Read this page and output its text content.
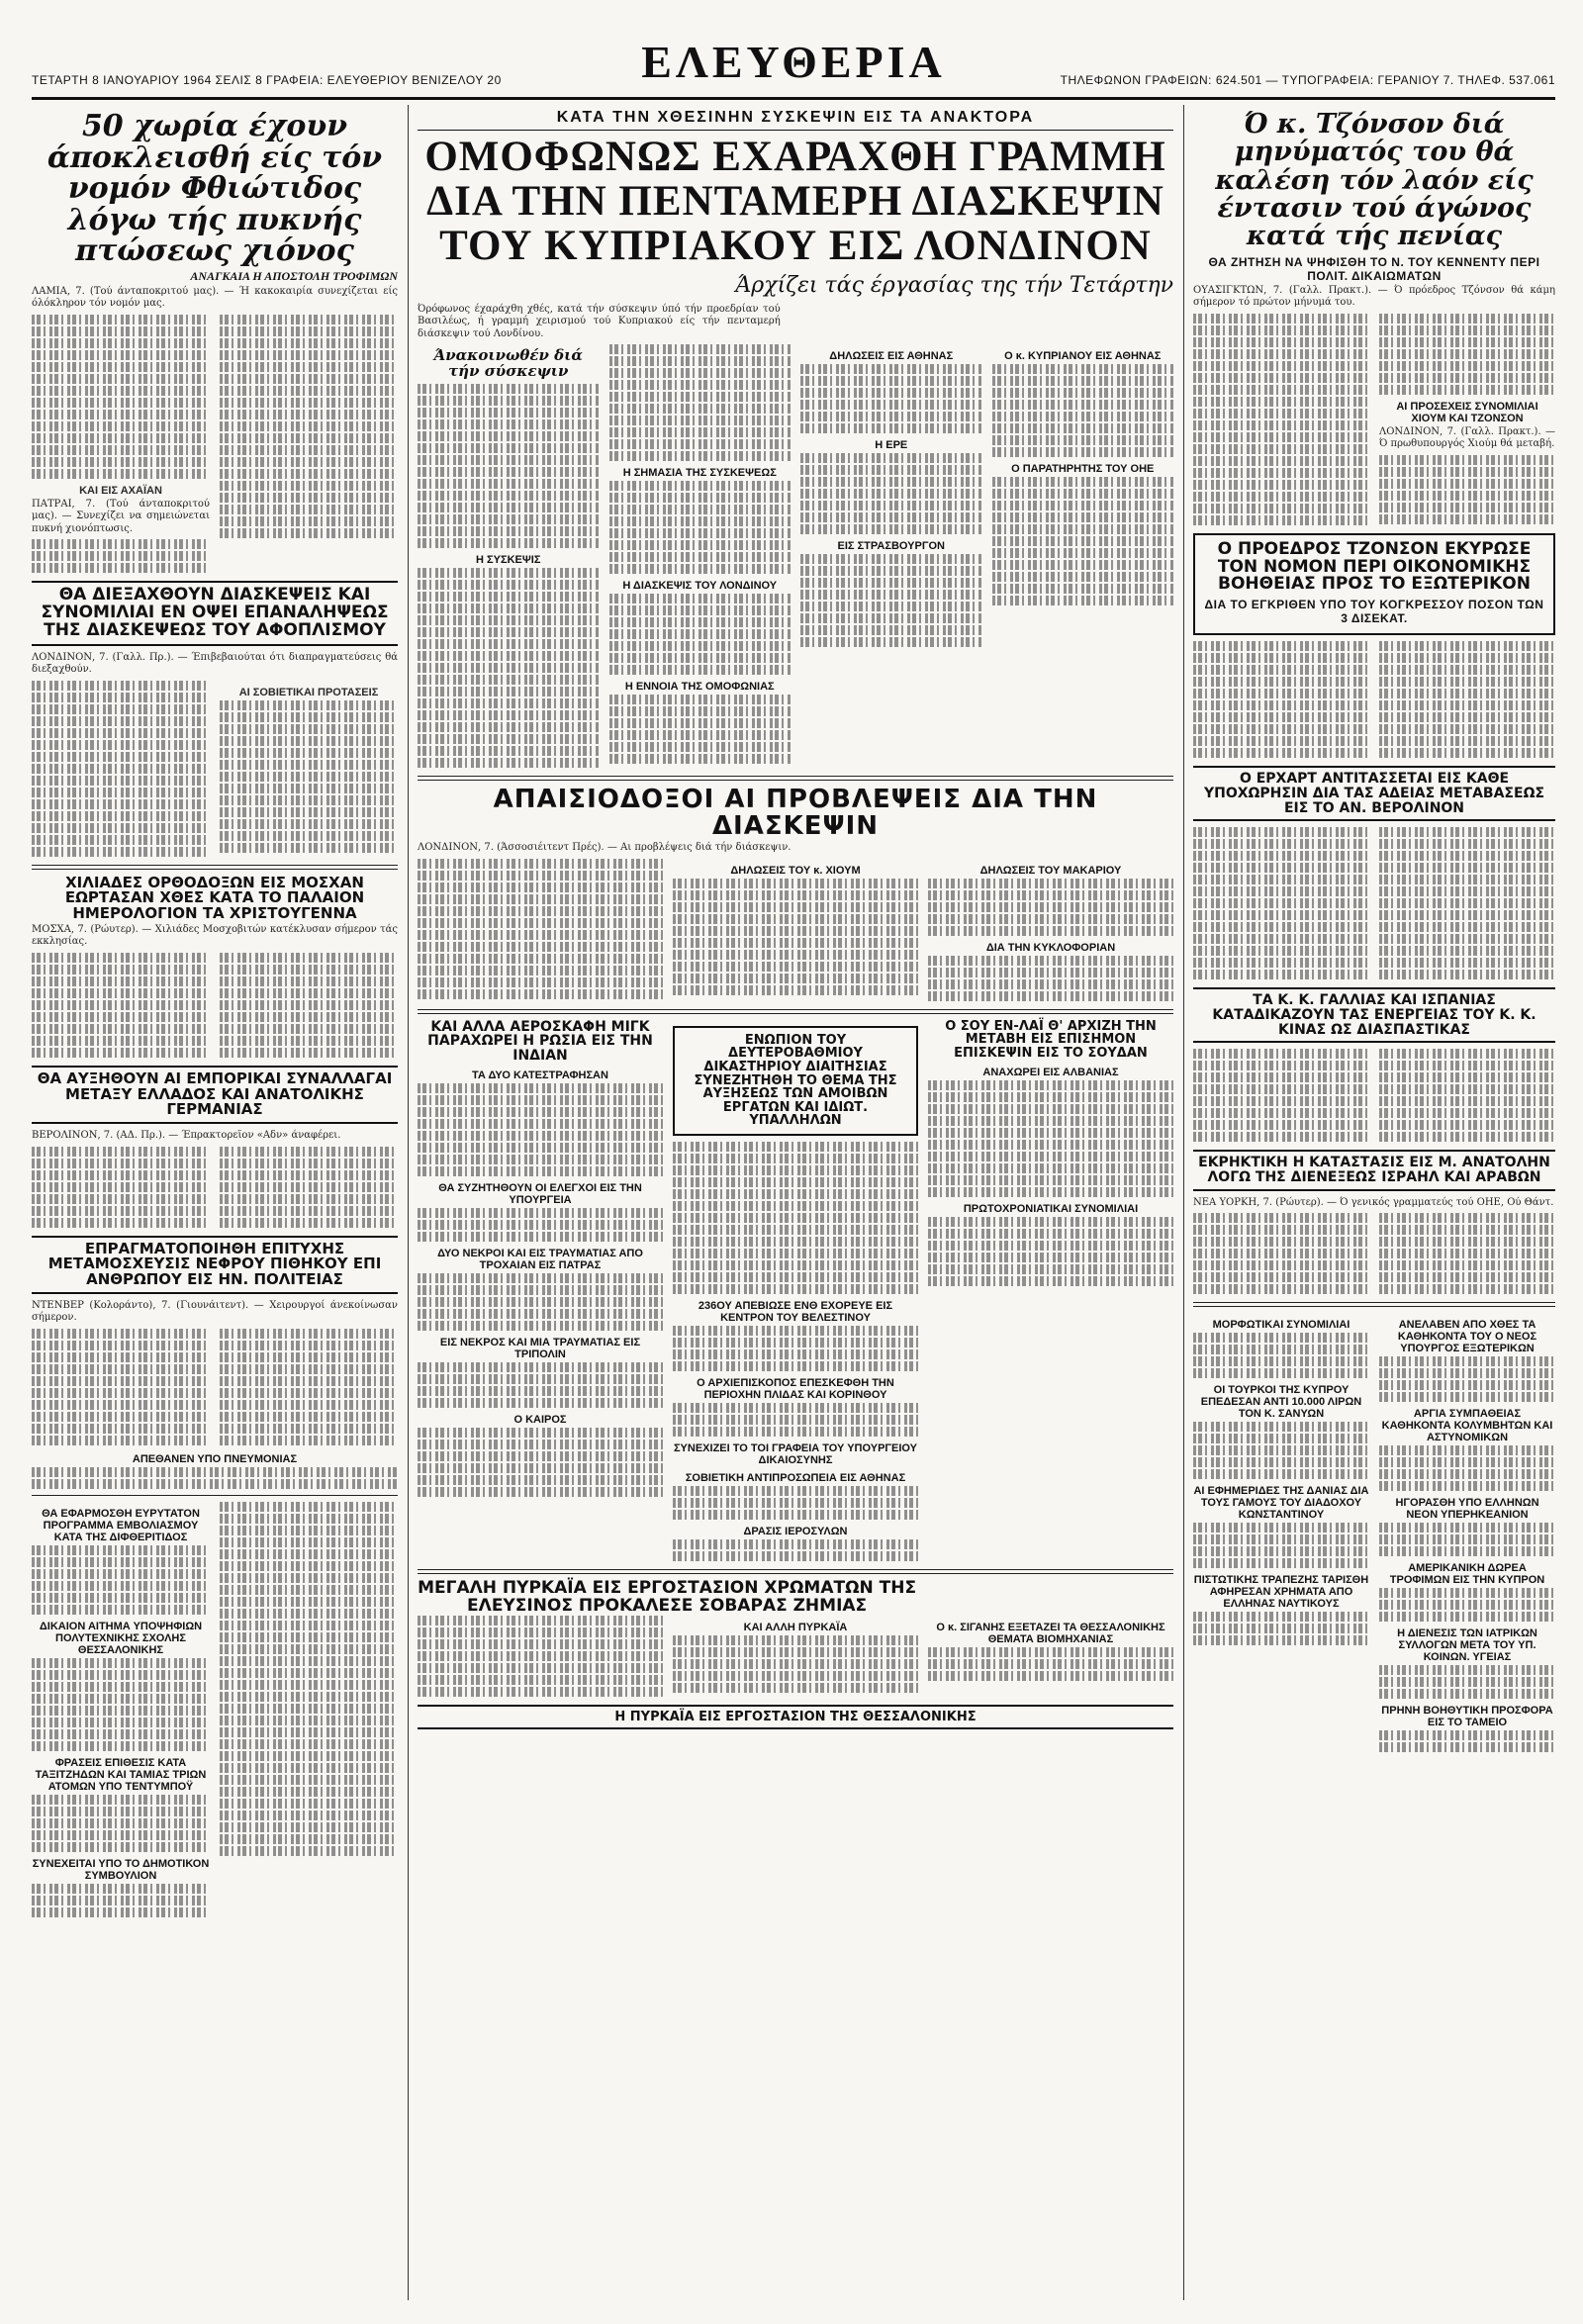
ΤΕΤΑΡΤΗ 8 ΙΑΝΟΥΑΡΙΟΥ 1964 ΣΕΛΙΣ 8 ΓΡΑΦΕΙΑ: ΕΛΕΥΘΕΡΙΟΥ ΒΕΝΙΖΕΛΟΥ 20	ΕΛΕΥΘΕΡΙΑ	ΤΗΛΕΦΩΝΟΝ ΓΡΑΦΕΙΩΝ: 624.501 — ΤΥΠΟΓΡΑΦΕΙΑ: ΓΕΡΑΝΙΟΥ 7. ΤΗΛΕΦ. 537.061
50 χωρία έχουν άποκλεισθή είς τόν νομόν Φθιώτιδος λόγω τής πυκνής πτώσεως χιόνος
ΑΝΑΓΚΑΙΑ Η ΑΠΟΣΤΟΛΗ ΤΡΟΦΙΜΩΝ
ΛΑΜΙΑ, 7. (Τού άνταποκριτού μας). — Ή κακοκαιρία συνεχίζεται είς όλόκληρον τόν νομόν μας.
ΚΑΙ ΕΙΣ ΑΧΑΪΑΝ
ΠΑΤΡΑΙ, 7. (Τού άνταποκριτού μας). — Συνεχίζει να σημειώνεται πυκνή χιονόπτωσις.
ΘΑ ΔΙΕΞΑΧΘΟΥΝ ΔΙΑΣΚΕΨΕΙΣ ΚΑΙ ΣΥΝΟΜΙΛΙΑΙ ΕΝ ΟΨΕΙ ΕΠΑΝΑΛΗΨΕΩΣ ΤΗΣ ΔΙΑΣΚΕΨΕΩΣ ΤΟΥ ΑΦΟΠΛΙΣΜΟΥ
ΛΟΝΔΙΝΟΝ, 7. (Γαλλ. Πρ.). — Έπιβεβαιούται ότι διαπραγματεύσεις θά διεξαχθούν.
ΑΙ ΣΟΒΙΕΤΙΚΑΙ ΠΡΟΤΑΣΕΙΣ
ΧΙΛΙΑΔΕΣ ΟΡΘΟΔΟΞΩΝ ΕΙΣ ΜΟΣΧΑΝ ΕΩΡΤΑΣΑΝ ΧΘΕΣ ΚΑΤΑ ΤΟ ΠΑΛΑΙΟΝ ΗΜΕΡΟΛΟΓΙΟΝ ΤΑ ΧΡΙΣΤΟΥΓΕΝΝΑ
ΜΟΣΧΑ, 7. (Ρώυτερ). — Χιλιάδες Μοσχοβιτών κατέκλυσαν σήμερον τάς εκκλησίας.
ΘΑ ΑΥΞΗΘΟΥΝ ΑΙ ΕΜΠΟΡΙΚΑΙ ΣΥΝΑΛΛΑΓΑΙ ΜΕΤΑΞΥ ΕΛΛΑΔΟΣ ΚΑΙ ΑΝΑΤΟΛΙΚΗΣ ΓΕΡΜΑΝΙΑΣ
ΒΕΡΟΛΙΝΟΝ, 7. (ΑΔ. Πρ.). — Έπρακτορεϊον «Αδν» άναφέρει.
ΕΠΡΑΓΜΑΤΟΠΟΙΗΘΗ ΕΠΙΤΥΧΗΣ ΜΕΤΑΜΟΣΧΕΥΣΙΣ ΝΕΦΡΟΥ ΠΙΘΗΚΟΥ ΕΠΙ ΑΝΘΡΩΠΟΥ ΕΙΣ ΗΝ. ΠΟΛΙΤΕΙΑΣ
ΝΤΕΝΒΕΡ (Κολοράντο), 7. (Γιουνάιτεντ). — Χειρουργοί άνεκοίνωσαν σήμερον.
ΑΠΕΘΑΝΕΝ ΥΠΟ ΠΝΕΥΜΟΝΙΑΣ
ΘΑ ΕΦΑΡΜΟΣΘΗ ΕΥΡΥΤΑΤΟΝ ΠΡΟΓΡΑΜΜΑ ΕΜΒΟΛΙΑΣΜΟΥ ΚΑΤΑ ΤΗΣ ΔΙΦΘΕΡΙΤΙΔΟΣ
ΔΙΚΑΙΟΝ ΑΙΤΗΜΑ ΥΠΟΨΗΦΙΩΝ ΠΟΛΥΤΕΧΝΙΚΗΣ ΣΧΟΛΗΣ ΘΕΣΣΑΛΟΝΙΚΗΣ
ΦΡΑΣΕΙΣ ΕΠΙΘΕΣΙΣ ΚΑΤΑ ΤΑΞΙΤΖΗΔΩΝ ΚΑΙ ΤΑΜΙΑΣ ΤΡΙΩΝ ΑΤΟΜΩΝ ΥΠΟ ΤΕΝΤΥΜΠΟΫ
ΣΥΝΕΧΕΙΤΑΙ ΥΠΟ ΤΟ ΔΗΜΟΤΙΚΟΝ ΣΥΜΒΟΥΛΙΟΝ
ΚΑΤΑ ΤΗΝ ΧΘΕΣΙΝΗΝ ΣΥΣΚΕΨΙΝ ΕΙΣ ΤΑ ΑΝΑΚΤΟΡΑ
ΟΜΟΦΩΝΩΣ ΕΧΑΡΑΧΘΗ ΓΡΑΜΜΗ
ΔΙΑ ΤΗΝ ΠΕΝΤΑΜΕΡΗ ΔΙΑΣΚΕΨΙΝ
ΤΟΥ ΚΥΠΡΙΑΚΟΥ ΕΙΣ ΛΟΝΔΙΝΟΝ
Άρχίζει τάς έργασίας της τήν Τετάρτην
Όρόφωνος έχαράχθη χθές, κατά τήν σύσκεψιν ύπό τήν προεδρίαν τού Βασιλέως, ή γραμμή χειρισμού τού Κυπριακού είς τήν πενταμερή διάσκεψιν τού Λονδίνου.
Άνακοινωθέν διά τήν σύσκεψιν
Η ΣΥΣΚΕΨΙΣ
Η ΣΗΜΑΣΙΑ ΤΗΣ ΣΥΣΚΕΨΕΩΣ
Η ΔΙΑΣΚΕΨΙΣ ΤΟΥ ΛΟΝΔΙΝΟΥ
Η ΕΝΝΟΙΑ ΤΗΣ ΟΜΟΦΩΝΙΑΣ
ΔΗΛΩΣΕΙΣ ΕΙΣ ΑΘΗΝΑΣ
Η ΕΡΕ
ΕΙΣ ΣΤΡΑΣΒΟΥΡΓΟΝ
Ο κ. ΚΥΠΡΙΑΝΟΥ ΕΙΣ ΑΘΗΝΑΣ
Ο ΠΑΡΑΤΗΡΗΤΗΣ ΤΟΥ ΟΗΕ
ΑΠΑΙΣΙΟΔΟΞΟΙ ΑΙ ΠΡΟΒΛΕΨΕΙΣ ΔΙΑ ΤΗΝ ΔΙΑΣΚΕΨΙΝ
ΛΟΝΔΙΝΟΝ, 7. (Άσσοσιέιτεντ Πρές). — Αι προβλέψεις διά τήν διάσκεψιν.
ΔΗΛΩΣΕΙΣ ΤΟΥ κ. ΧΙΟΥΜ	ΔΗΛΩΣΕΙΣ ΤΟΥ ΜΑΚΑΡΙΟΥ
ΔΙΑ ΤΗΝ ΚΥΚΛΟΦΟΡΙΑΝ
ΚΑΙ ΑΛΛΑ ΑΕΡΟΣΚΑΦΗ ΜΙΓΚ ΠΑΡΑΧΩΡΕΙ Η ΡΩΣΙΑ ΕΙΣ ΤΗΝ ΙΝΔΙΑΝ
ΤΑ ΔΥΟ ΚΑΤΕΣΤΡΑΦΗΣΑΝ
ΘΑ ΣΥΖΗΤΗΘΟΥΝ ΟΙ ΕΛΕΓΧΟΙ ΕΙΣ ΤΗΝ ΥΠΟΥΡΓΕΙΑ
ΔΥΟ ΝΕΚΡΟΙ ΚΑΙ ΕΙΣ ΤΡΑΥΜΑΤΙΑΣ ΑΠΟ ΤΡΟΧΑΙΑΝ ΕΙΣ ΠΑΤΡΑΣ
ΕΙΣ ΝΕΚΡΟΣ ΚΑΙ ΜΙΑ ΤΡΑΥΜΑΤΙΑΣ ΕΙΣ ΤΡΙΠΟΛΙΝ
Ο ΚΑΙΡΟΣ
ΕΝΩΠΙΟΝ ΤΟΥ ΔΕΥΤΕΡΟΒΑΘΜΙΟΥ ΔΙΚΑΣΤΗΡΙΟΥ ΔΙΑΙΤΗΣΙΑΣ ΣΥΝΕΖΗΤΗΘΗ ΤΟ ΘΕΜΑ ΤΗΣ ΑΥΞΗΣΕΩΣ ΤΩΝ ΑΜΟΙΒΩΝ ΕΡΓΑΤΩΝ ΚΑΙ ΙΔΙΩΤ. ΥΠΑΛΛΗΛΩΝ
236ΟΥ ΑΠΕΒΙΩΣΕ ΕΝΘ ΕΧΟΡΕΥΕ ΕΙΣ ΚΕΝΤΡΟΝ ΤΟΥ ΒΕΛΕΣΤΙΝΟΥ
Ο ΑΡΧΙΕΠΙΣΚΟΠΟΣ ΕΠΕΣΚΕΦΘΗ ΤΗΝ ΠΕΡΙΟΧΗΝ ΠΛΙΔΑΣ ΚΑΙ ΚΟΡΙΝΘΟΥ
ΣΥΝΕΧΙΖΕΙ ΤΟ ΤΟΙ ΓΡΑΦΕΙΑ ΤΟΥ ΥΠΟΥΡΓΕΙΟΥ ΔΙΚΑΙΟΣΥΝΗΣ
ΣΟΒΙΕΤΙΚΗ ΑΝΤΙΠΡΟΣΩΠΕΙΑ ΕΙΣ ΑΘΗΝΑΣ
ΔΡΑΣΙΣ ΙΕΡΟΣΥΛΩΝ
Ο ΣΟΥ ΕΝ-ΛΑΪ Θ' ΑΡΧΙΖΗ ΤΗΝ ΜΕΤΑΒΗ ΕΙΣ ΕΠΙΣΗΜΟΝ ΕΠΙΣΚΕΨΙΝ ΕΙΣ ΤΟ ΣΟΥΔΑΝ
ΑΝΑΧΩΡΕΙ ΕΙΣ ΑΛΒΑΝΙΑΣ
ΠΡΩΤΟΧΡΟΝΙΑΤΙΚΑΙ ΣΥΝΟΜΙΛΙΑΙ
ΜΕΓΑΛΗ ΠΥΡΚΑΪΑ ΕΙΣ ΕΡΓΟΣΤΑΣΙΟΝ ΧΡΩΜΑΤΩΝ ΤΗΣ ΕΛΕΥΣΙΝΟΣ ΠΡΟΚΑΛΕΣΕ ΣΟΒΑΡΑΣ ΖΗΜΙΑΣ
ΚΑΙ ΑΛΛΗ ΠΥΡΚΑΪΑ	Ο κ. ΣΙΓΑΝΗΣ ΕΞΕΤΑΖΕΙ ΤΑ ΘΕΣΣΑΛΟΝΙΚΗΣ ΘΕΜΑΤΑ ΒΙΟΜΗΧΑΝΙΑΣ
Η ΠΥΡΚΑΪΑ ΕΙΣ ΕΡΓΟΣΤΑΣΙΟΝ ΤΗΣ ΘΕΣΣΑΛΟΝΙΚΗΣ
Ό κ. Τζόνσον διά μηνύματός του θά καλέση τόν λαόν είς έντασιν τού άγώνος κατά τής πενίας
ΘΑ ΖΗΤΗΣΗ ΝΑ ΨΗΦΙΣΘΗ ΤΟ Ν. ΤΟΥ ΚΕΝΝΕΝΤΥ ΠΕΡΙ ΠΟΛΙΤ. ΔΙΚΑΙΩΜΑΤΩΝ
ΟΥΑΣΙΓΚΤΩΝ, 7. (Γαλλ. Πρακτ.). — Ό πρόεδρος Τζόνσον θά κάμη σήμερον τό πρώτον μήνυμά του.
ΑΙ ΠΡΟΣΕΧΕΙΣ ΣΥΝΟΜΙΛΙΑΙ ΧΙΟΥΜ ΚΑΙ ΤΖΟΝΣΟΝ
ΛΟΝΔΙΝΟΝ, 7. (Γαλλ. Πρακτ.). — Ό πρωθυπουργός Χιούμ θά μεταβή.
Ο ΠΡΟΕΔΡΟΣ ΤΖΟΝΣΟΝ ΕΚΥΡΩΣΕ ΤΟΝ ΝΟΜΟΝ ΠΕΡΙ ΟΙΚΟΝΟΜΙΚΗΣ ΒΟΗΘΕΙΑΣ ΠΡΟΣ ΤΟ ΕΞΩΤΕΡΙΚΟΝ
ΔΙΑ ΤΟ ΕΓΚΡΙΘΕΝ ΥΠΟ ΤΟΥ ΚΟΓΚΡΕΣΣΟΥ ΠΟΣΟΝ ΤΩΝ 3 ΔΙΣΕΚΑΤ.
Ο ΕΡΧΑΡΤ ΑΝΤΙΤΑΣΣΕΤΑΙ ΕΙΣ ΚΑΘΕ ΥΠΟΧΩΡΗΣΙΝ ΔΙΑ ΤΑΣ ΑΔΕΙΑΣ ΜΕΤΑΒΑΣΕΩΣ ΕΙΣ ΤΟ ΑΝ. ΒΕΡΟΛΙΝΟΝ
ΤΑ Κ. Κ. ΓΑΛΛΙΑΣ ΚΑΙ ΙΣΠΑΝΙΑΣ ΚΑΤΑΔΙΚΑΖΟΥΝ ΤΑΣ ΕΝΕΡΓΕΙΑΣ ΤΟΥ Κ. Κ. ΚΙΝΑΣ ΩΣ ΔΙΑΣΠΑΣΤΙΚΑΣ
ΕΚΡΗΚΤΙΚΗ Η ΚΑΤΑΣΤΑΣΙΣ ΕΙΣ Μ. ΑΝΑΤΟΛΗΝ ΛΟΓΩ ΤΗΣ ΔΙΕΝΕΞΕΩΣ ΙΣΡΑΗΛ ΚΑΙ ΑΡΑΒΩΝ
ΝΕΑ ΥΟΡΚΗ, 7. (Ρώυτερ). — Ό γενικός γραμματεύς τού ΟΗΕ, Ού Θάντ.
ΜΟΡΦΩΤΙΚΑΙ ΣΥΝΟΜΙΛΙΑΙ
ΟΙ ΤΟΥΡΚΟΙ ΤΗΣ ΚΥΠΡΟΥ ΕΠΕΔΕΣΑΝ ΑΝΤΙ 10.000 ΛΙΡΩΝ ΤΟΝ Κ. ΣΑΝΥΩΝ
ΑΙ ΕΦΗΜΕΡΙΔΕΣ ΤΗΣ ΔΑΝΙΑΣ ΔΙΑ ΤΟΥΣ ΓΑΜΟΥΣ ΤΟΥ ΔΙΑΔΟΧΟΥ ΚΩΝΣΤΑΝΤΙΝΟΥ
ΠΙΣΤΩΤΙΚΗΣ ΤΡΑΠΕΖΗΣ ΤΑΡΙΣΘΗ ΑΦΗΡΕΣΑΝ ΧΡΗΜΑΤΑ ΑΠΟ ΕΛΛΗΝΑΣ ΝΑΥΤΙΚΟΥΣ
ΑΝΕΛΑΒΕΝ ΑΠΟ ΧΘΕΣ ΤΑ ΚΑΘΗΚΟΝΤΑ ΤΟΥ Ο ΝΕΟΣ ΥΠΟΥΡΓΟΣ ΕΞΩΤΕΡΙΚΩΝ
ΑΡΓΙΑ ΣΥΜΠΑΘΕΙΑΣ ΚΑΘΗΚΟΝΤΑ ΚΟΛΥΜΒΗΤΩΝ ΚΑΙ ΑΣΤΥΝΟΜΙΚΩΝ
ΗΓΟΡΑΣΘΗ ΥΠΟ ΕΛΛΗΝΩΝ ΝΕΟΝ ΥΠΕΡΗΚΕΑΝΙΟΝ
ΑΜΕΡΙΚΑΝΙΚΗ ΔΩΡΕΑ ΤΡΟΦΙΜΩΝ ΕΙΣ ΤΗΝ ΚΥΠΡΟΝ
Η ΔΙΕΝΕΣΙΣ ΤΩΝ ΙΑΤΡΙΚΩΝ ΣΥΛΛΟΓΩΝ ΜΕΤΑ ΤΟΥ ΥΠ. ΚΟΙΝΩΝ. ΥΓΕΙΑΣ
ΠΡΗΝΗ ΒΟΗΘΥΤΙΚΗ ΠΡΟΣΦΟΡΑ ΕΙΣ ΤΟ ΤΑΜΕΙΟ
